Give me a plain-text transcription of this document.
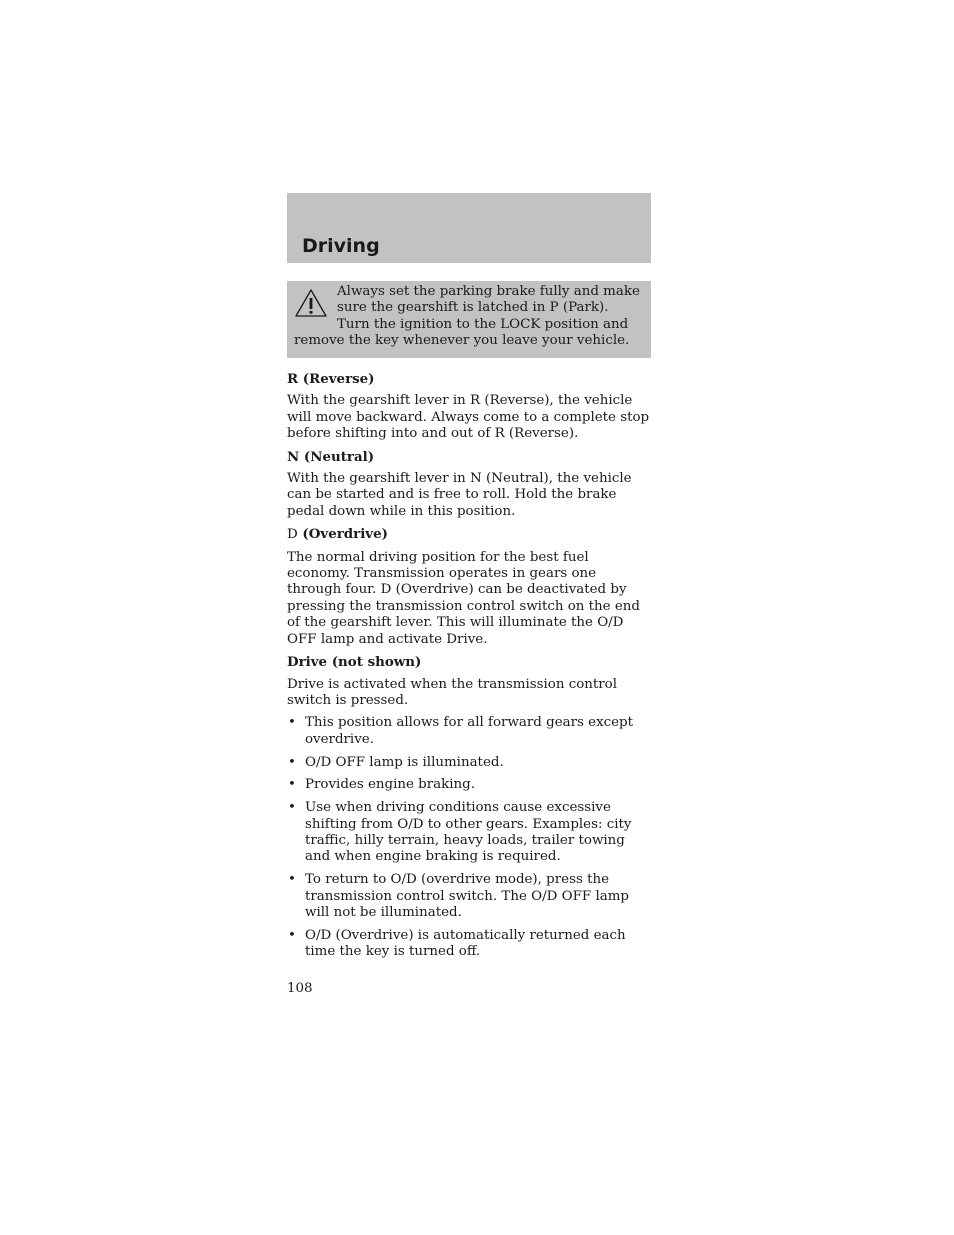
Driving
Always set the parking brake fully and make sure the gearshift is latched in P (Park). Turn the ignition to the LOCK position and remove the key whenever you leave your vehicle.
R (Reverse)

With the gearshift lever in R (Reverse), the vehicle will move backward. Always come to a complete stop before shifting into and out of R (Reverse).

N (Neutral)

With the gearshift lever in N (Neutral), the vehicle can be started and is free to roll. Hold the brake pedal down while in this position.

D (Overdrive)

The normal driving position for the best fuel economy. Transmission operates in gears one through four. D (Overdrive) can be deactivated by pressing the transmission control switch on the end of the gearshift lever. This will illuminate the O/D OFF lamp and activate Drive.

Drive (not shown)

Drive is activated when the transmission control switch is pressed.

• This position allows for all forward gears except overdrive.
• O/D OFF lamp is illuminated.
• Provides engine braking.
• Use when driving conditions cause excessive shifting from O/D to other gears. Examples: city traffic, hilly terrain, heavy loads, trailer towing and when engine braking is required.
• To return to O/D (overdrive mode), press the transmission control switch. The O/D OFF lamp will not be illuminated.
• O/D (Overdrive) is automatically returned each time the key is turned off.
108
